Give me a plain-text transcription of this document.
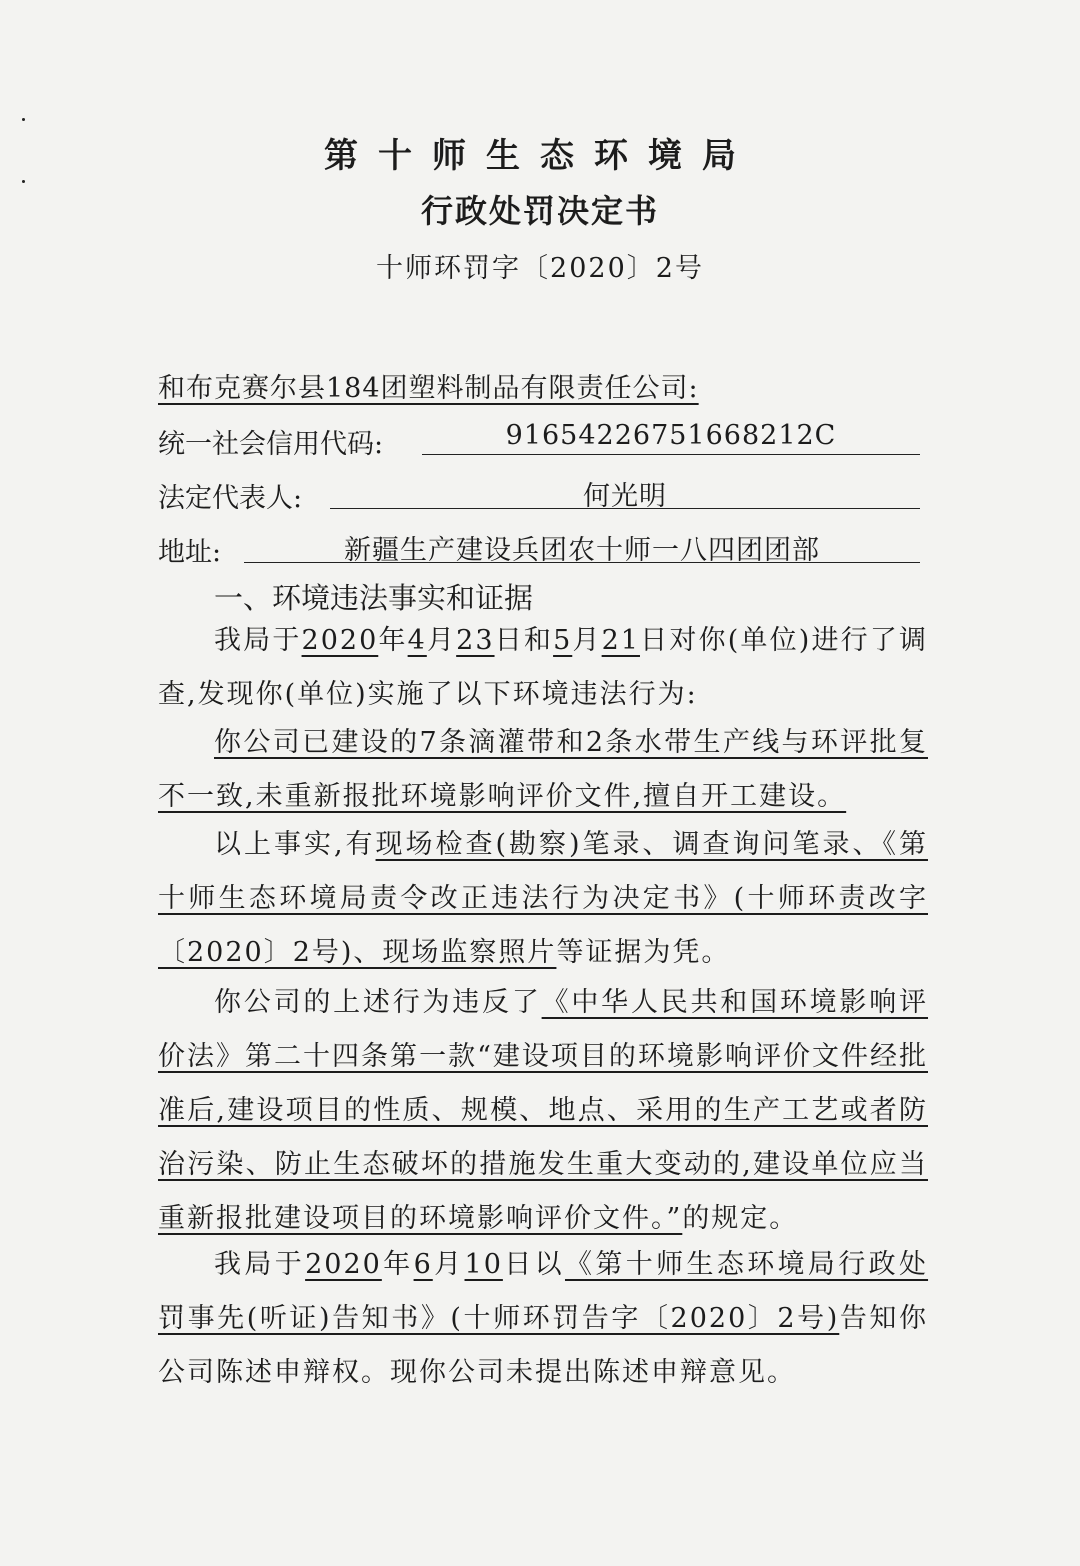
第十师生态环境局
行政处罚决定书
十师环罚字〔2020〕2号
和布克赛尔县184团塑料制品有限责任公司:
统一社会信用代码:	91654226751668212C
法定代表人:	何光明
地址:	新疆生产建设兵团农十师一八四团团部
一、环境违法事实和证据
我局于2020年4月23日和5月21日对你(单位)进行了调查,发现你(单位)实施了以下环境违法行为:
你公司已建设的7条滴灌带和2条水带生产线与环评批复不一致,未重新报批环境影响评价文件,擅自开工建设。
以上事实,有现场检查(勘察)笔录、调查询问笔录、《第十师生态环境局责令改正违法行为决定书》(十师环责改字〔2020〕2号)、现场监察照片等证据为凭。
你公司的上述行为违反了《中华人民共和国环境影响评价法》第二十四条第一款“建设项目的环境影响评价文件经批准后,建设项目的性质、规模、地点、采用的生产工艺或者防治污染、防止生态破坏的措施发生重大变动的,建设单位应当重新报批建设项目的环境影响评价文件。”的规定。
我局于2020年6月10日以《第十师生态环境局行政处罚事先(听证)告知书》(十师环罚告字〔2020〕2号)告知你公司陈述申辩权。现你公司未提出陈述申辩意见。
